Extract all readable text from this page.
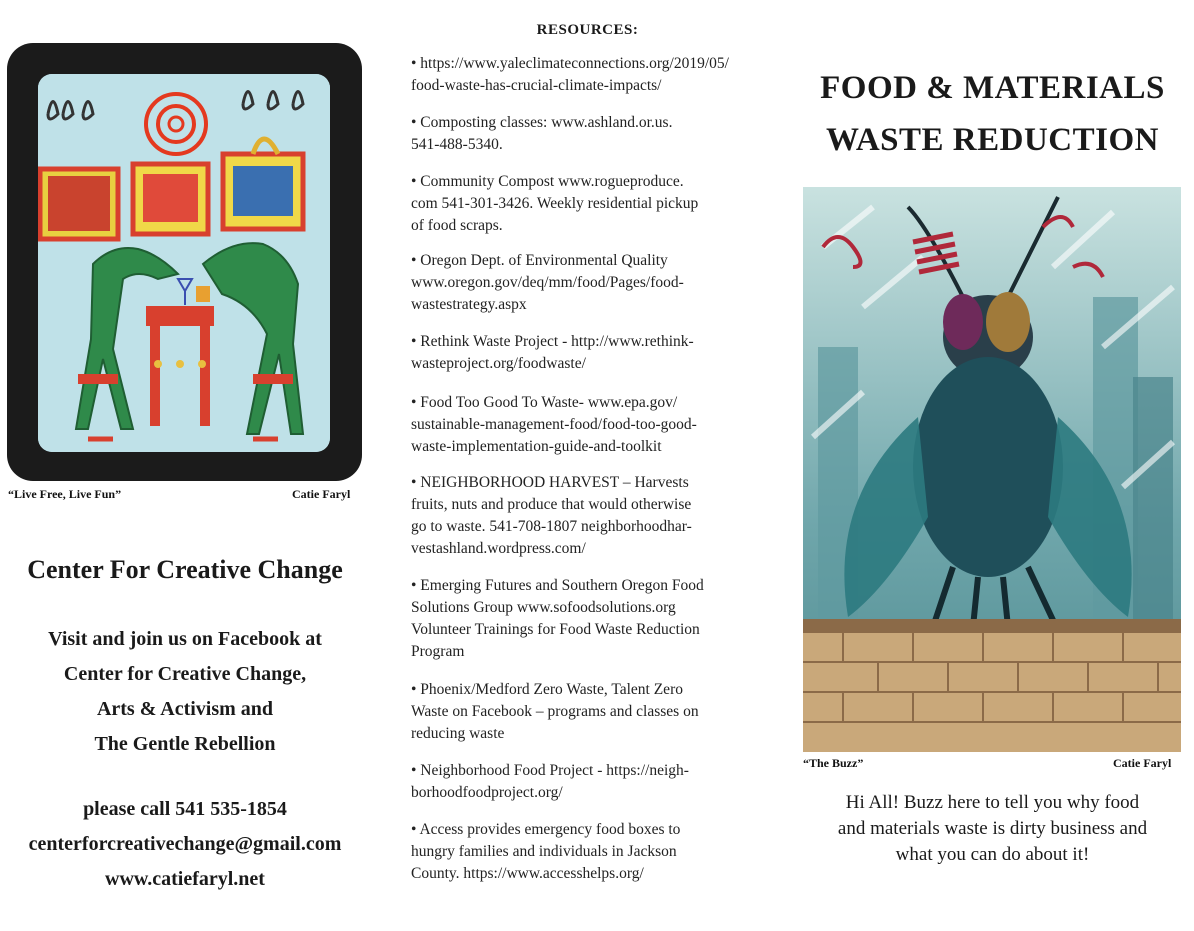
“Live Free, Live Fun”	Catie Faryl
Center For Creative Change
Visit and join us on Facebook at
Center for Creative Change,
Arts & Activism and
The Gentle Rebellion
please call 541 535-1854
centerforcreativechange@gmail.com
www.catiefaryl.net
RESOURCES:
• https://www.yaleclimateconnections.org/2019/05/
food-waste-has-crucial-climate-impacts/
• Composting classes: www.ashland.or.us.
541-488-5340.
• Community Compost www.rogueproduce.
com 541-301-3426. Weekly residential pickup
of food scraps.
• Oregon Dept. of Environmental Quality
www.oregon.gov/deq/mm/food/Pages/food-
wastestrategy.aspx
• Rethink Waste Project - http://www.rethink-
wasteproject.org/foodwaste/
• Food Too Good To Waste- www.epa.gov/
sustainable-management-food/food-too-good-
waste-implementation-guide-and-toolkit
• NEIGHBORHOOD HARVEST – Harvests
fruits, nuts and produce that would otherwise
go to waste. 541-708-1807 neighborhoodhar-
vestashland.wordpress.com/
• Emerging Futures and Southern Oregon Food
Solutions Group www.sofoodsolutions.org
Volunteer Trainings for Food Waste Reduction
Program
• Phoenix/Medford Zero Waste, Talent Zero
Waste on Facebook – programs and classes on
reducing waste
• Neighborhood Food Project - https://neigh-
borhoodfoodproject.org/
• Access provides emergency food boxes to
hungry families and individuals in Jackson
County. https://www.accesshelps.org/
FOOD & MATERIALS
WASTE REDUCTION
“The Buzz”	Catie Faryl
Hi All! Buzz here to tell you why food
and materials waste is dirty business and
what you can do about it!
